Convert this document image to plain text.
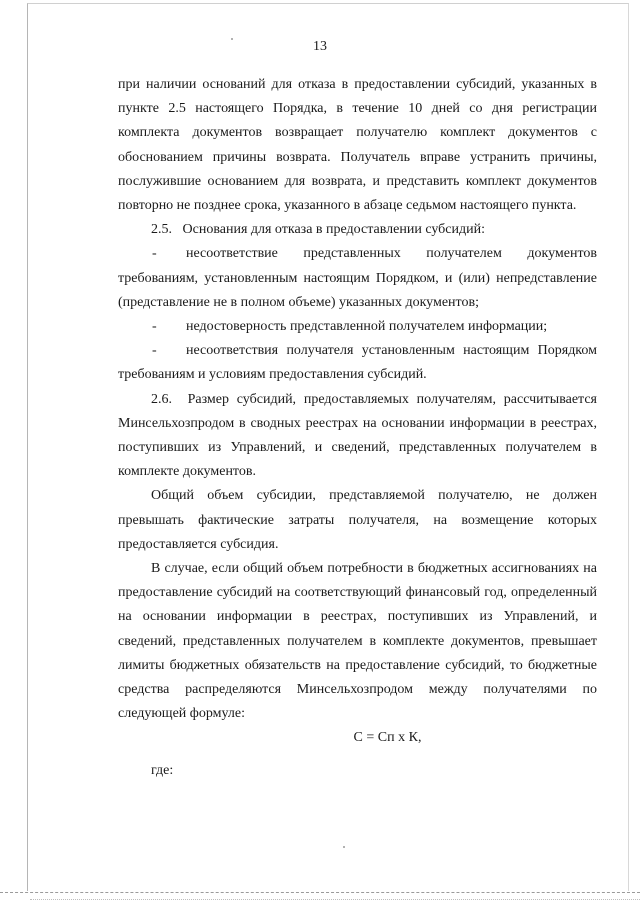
13

при наличии оснований для отказа в предоставлении субсидий, указанных в пункте 2.5 настоящего Порядка, в течение 10 дней со дня регистрации комплекта документов возвращает получателю комплект документов с обоснованием причины возврата. Получатель вправе устранить причины, послужившие основанием для возврата, и представить комплект документов повторно не позднее срока, указанного в абзаце седьмом настоящего пункта.

2.5.   Основания для отказа в предоставлении субсидий:

- несоответствие представленных получателем документов требованиям, установленным настоящим Порядком, и (или) непредставление (представление не в полном объеме) указанных документов;

- недостоверность представленной получателем информации;

- несоответствия получателя установленным настоящим Порядком требованиям и условиям предоставления субсидий.

2.6.  Размер субсидий, предоставляемых получателям, рассчитывается Минсельхозпродом в сводных реестрах на основании информации в реестрах, поступивших из Управлений, и сведений, представленных получателем в комплекте документов.

Общий объем субсидии, представляемой получателю, не должен превышать фактические затраты получателя, на возмещение которых предоставляется субсидия.

В случае, если общий объем потребности в бюджетных ассигнованиях на предоставление субсидий на соответствующий финансовый год, определенный на основании информации в реестрах, поступивших из Управлений, и сведений, представленных получателем в комплекте документов, превышает лимиты бюджетных обязательств на предоставление субсидий, то бюджетные средства распределяются Минсельхозпродом между получателями по следующей формуле:

С = Сп х К,

где:
